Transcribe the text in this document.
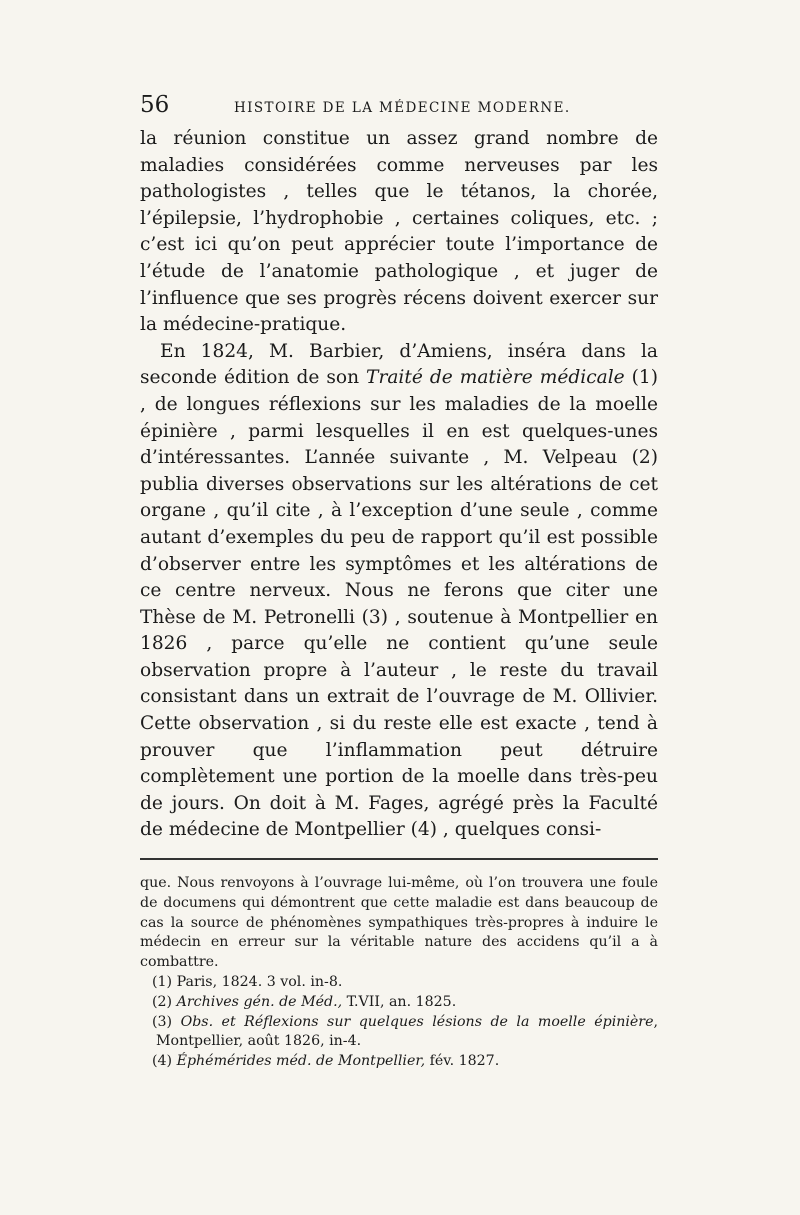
56	HISTOIRE DE LA MÉDECINE MODERNE.

la réunion constitue un assez grand nombre de maladies considérées comme nerveuses par les pathologistes , telles que le tétanos, la chorée, l’épilepsie, l’hydrophobie , certaines coliques, etc. ; c’est ici qu’on peut apprécier toute l’importance de l’étude de l’anatomie pathologique , et juger de l’influence que ses progrès récens doivent exercer sur la médecine-pratique.

En 1824, M. Barbier, d’Amiens, inséra dans la seconde édition de son Traité de matière médicale (1) , de longues réflexions sur les maladies de la moelle épinière , parmi lesquelles il en est quelques-unes d’intéressantes. L’année suivante , M. Velpeau (2) publia diverses observations sur les altérations de cet organe , qu’il cite , à l’exception d’une seule , comme autant d’exemples du peu de rapport qu’il est possible d’observer entre les symptômes et les altérations de ce centre nerveux. Nous ne ferons que citer une Thèse de M. Petronelli (3) , soutenue à Montpellier en 1826 , parce qu’elle ne contient qu’une seule observation propre à l’auteur , le reste du travail consistant dans un extrait de l’ouvrage de M. Ollivier. Cette observation , si du reste elle est exacte , tend à prouver que l’inflammation peut détruire complètement une portion de la moelle dans très-peu de jours. On doit à M. Fages, agrégé près la Faculté de médecine de Montpellier (4) , quelques consi-

que. Nous renvoyons à l’ouvrage lui-même, où l’on trouvera une foule de documens qui démontrent que cette maladie est dans beaucoup de cas la source de phénomènes sympathiques très-propres à induire le médecin en erreur sur la véritable nature des accidens qu’il a à combattre.

(1) Paris, 1824. 3 vol. in-8.

(2) Archives gén. de Méd., T.VII, an. 1825.

(3) Obs. et Réflexions sur quelques lésions de la moelle épinière, Montpellier, août 1826, in-4.

(4) Éphémérides méd. de Montpellier, fév. 1827.
